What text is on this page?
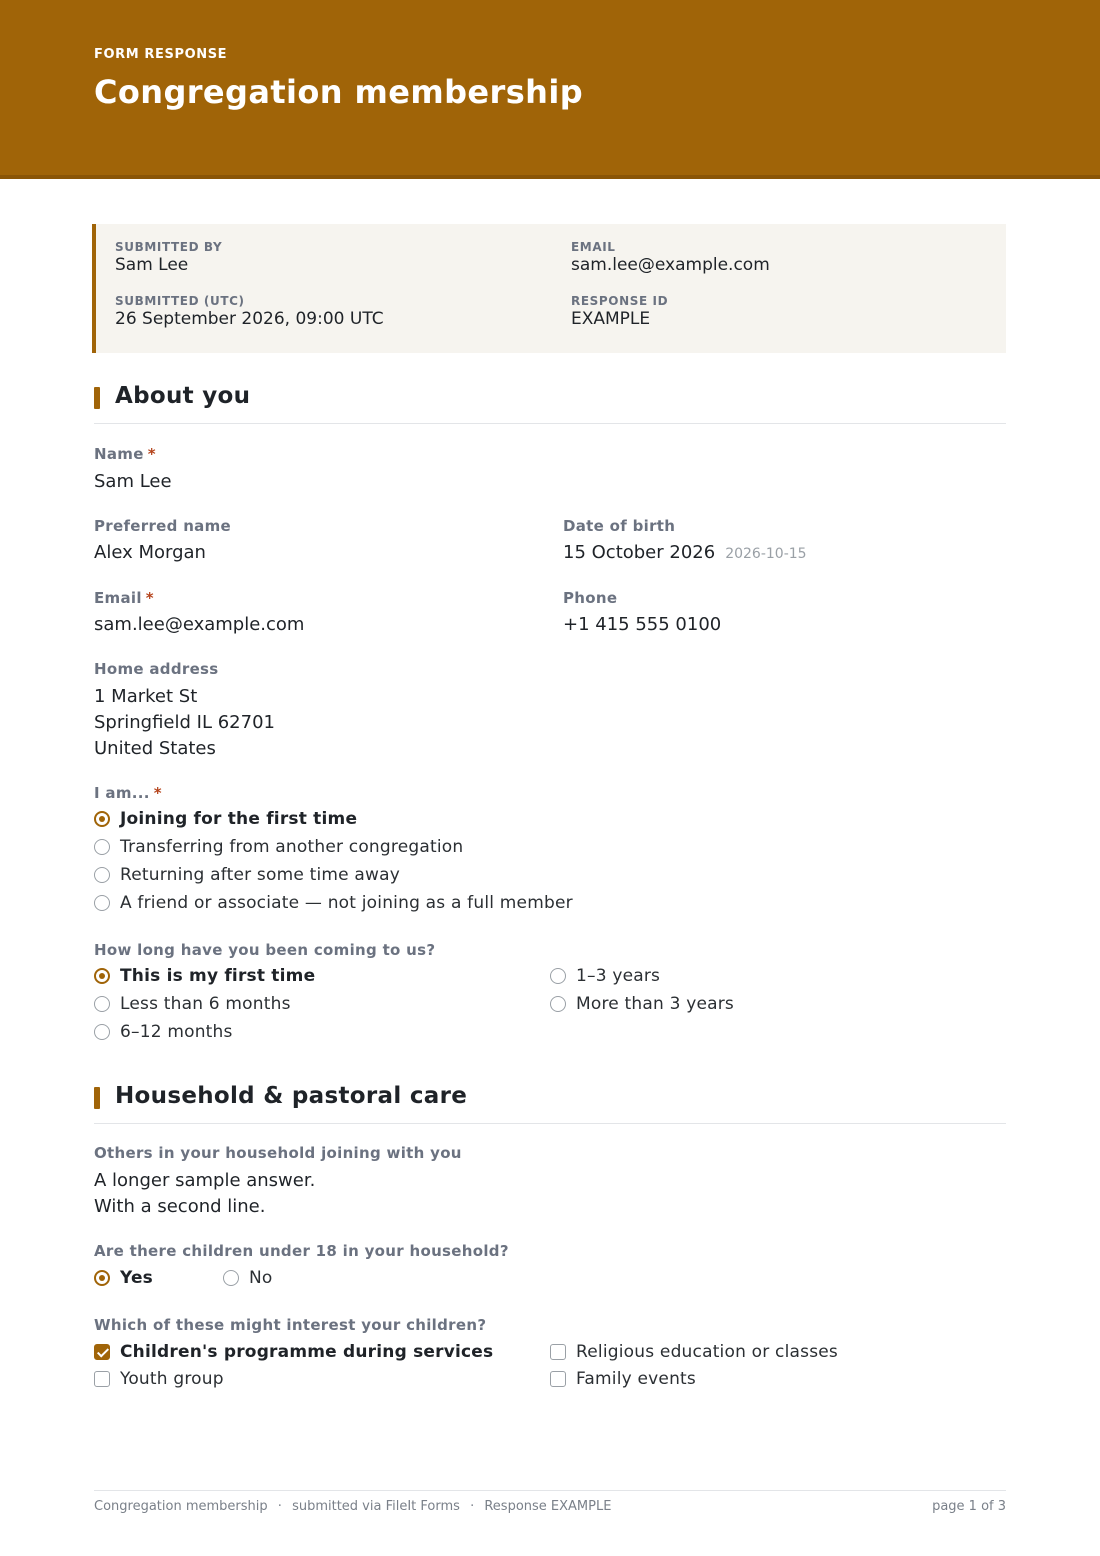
FORM RESPONSE
Congregation membership
SUBMITTED BY
Sam Lee
EMAIL
sam.lee@example.com
SUBMITTED (UTC)
26 September 2026, 09:00 UTC
RESPONSE ID
EXAMPLE
About you
Name *
Sam Lee
Preferred name
Alex Morgan
Date of birth
15 October 2026 2026-10-15
Email *
sam.lee@example.com
Phone
+1 415 555 0100
Home address
1 Market St
Springfield IL 62701
United States
I am... *
Joining for the first time
Transferring from another congregation
Returning after some time away
A friend or associate — not joining as a full member
How long have you been coming to us?
This is my first time
Less than 6 months
6–12 months
1–3 years
More than 3 years
Household & pastoral care
Others in your household joining with you
A longer sample answer.
With a second line.
Are there children under 18 in your household?
Yes	No
Which of these might interest your children?
Children's programme during services
Youth group
Religious education or classes
Family events
Congregation membership · submitted via FileIt Forms · Response EXAMPLE	page 1 of 3
